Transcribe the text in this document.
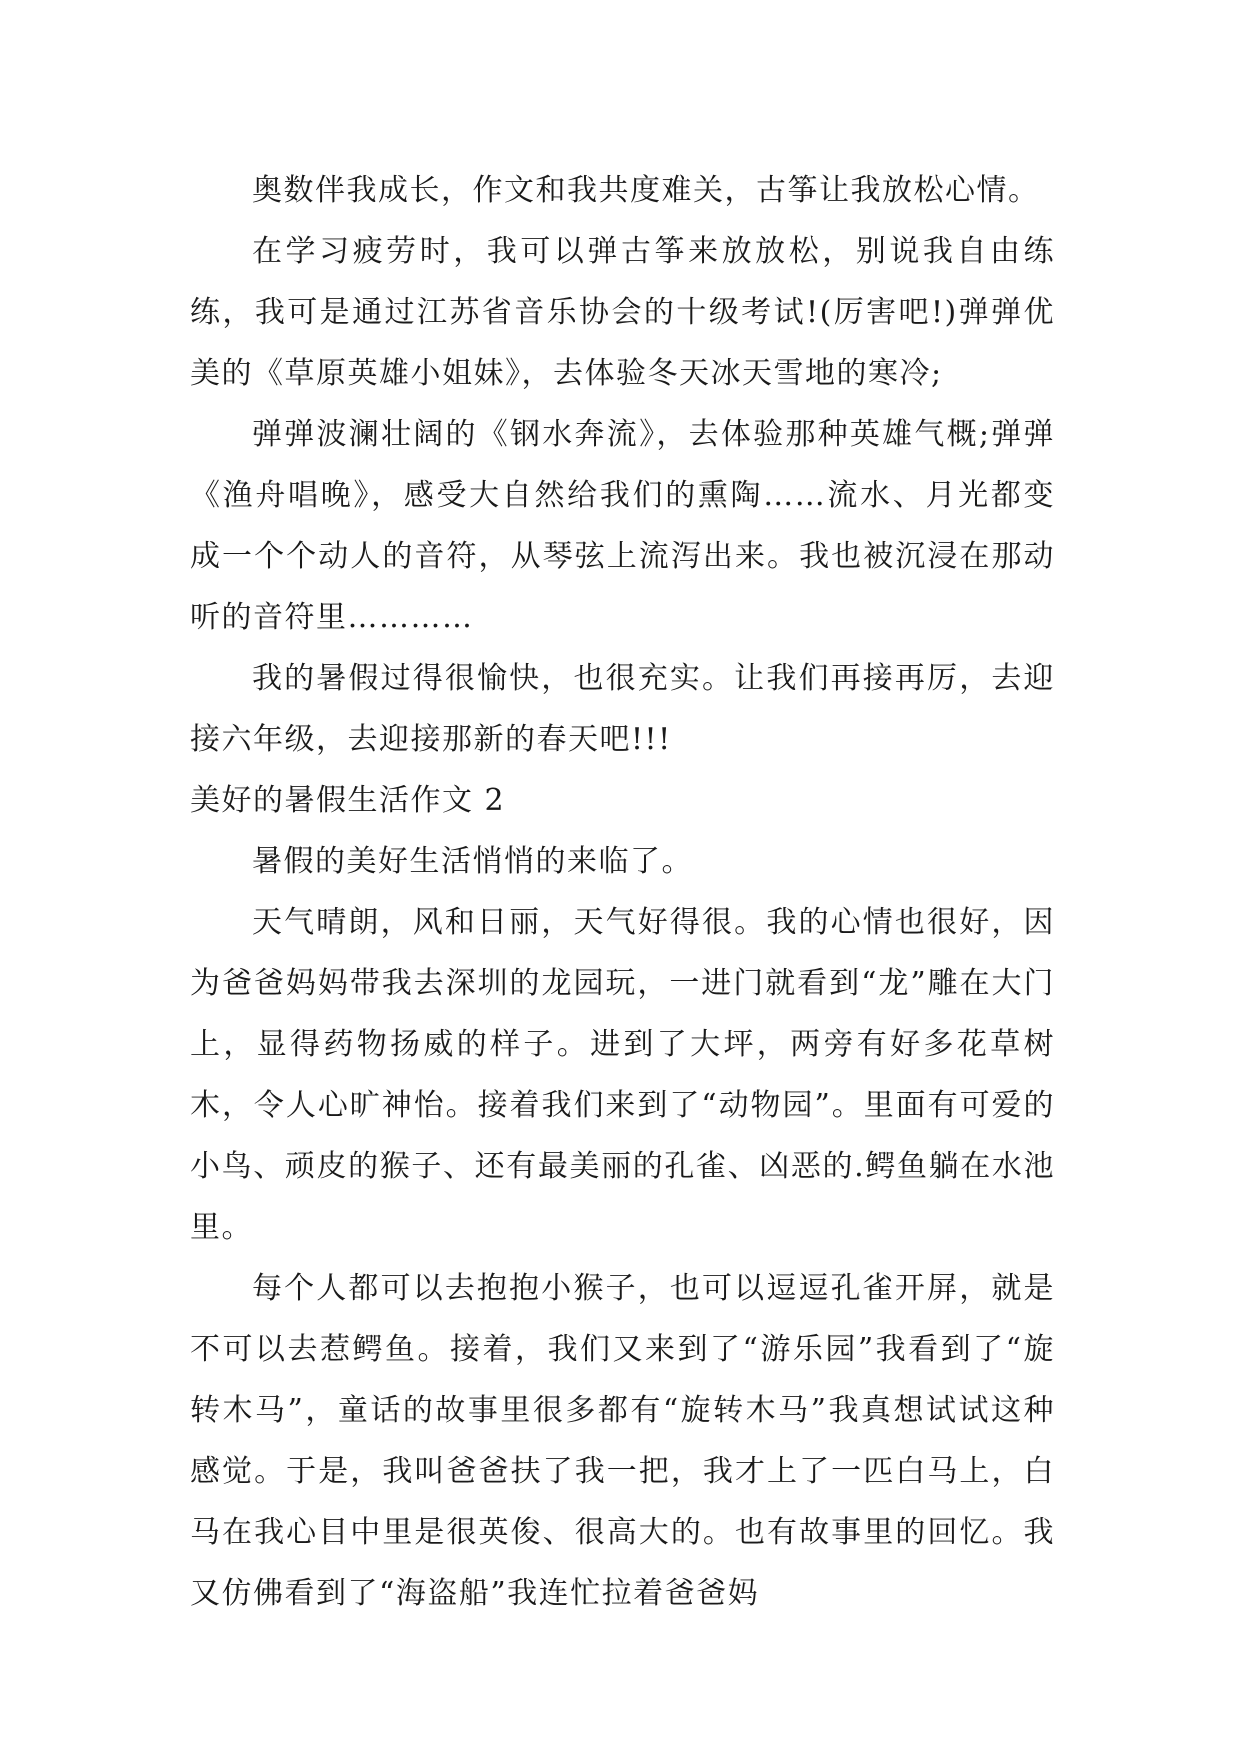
奥数伴我成长，作文和我共度难关，古筝让我放松心情。

在学习疲劳时，我可以弹古筝来放放松，别说我自由练练，我可是通过江苏省音乐协会的十级考试!(厉害吧!)弹弹优美的《草原英雄小姐妹》，去体验冬天冰天雪地的寒冷;

弹弹波澜壮阔的《钢水奔流》，去体验那种英雄气概;弹弹《渔舟唱晚》，感受大自然给我们的熏陶……流水、月光都变成一个个动人的音符，从琴弦上流泻出来。我也被沉浸在那动听的音符里…………

我的暑假过得很愉快，也很充实。让我们再接再厉，去迎接六年级，去迎接那新的春天吧!!!

美好的暑假生活作文 2

暑假的美好生活悄悄的来临了。

天气晴朗，风和日丽，天气好得很。我的心情也很好，因为爸爸妈妈带我去深圳的龙园玩，一进门就看到“龙”雕在大门上，显得药物扬威的样子。进到了大坪，两旁有好多花草树木，令人心旷神怡。接着我们来到了“动物园”。里面有可爱的小鸟、顽皮的猴子、还有最美丽的孔雀、凶恶的.鳄鱼躺在水池里。

每个人都可以去抱抱小猴子，也可以逗逗孔雀开屏，就是不可以去惹鳄鱼。接着，我们又来到了“游乐园”我看到了“旋转木马”，童话的故事里很多都有“旋转木马”我真想试试这种感觉。于是，我叫爸爸扶了我一把，我才上了一匹白马上，白马在我心目中里是很英俊、很高大的。也有故事里的回忆。我又仿佛看到了“海盗船”我连忙拉着爸爸妈
